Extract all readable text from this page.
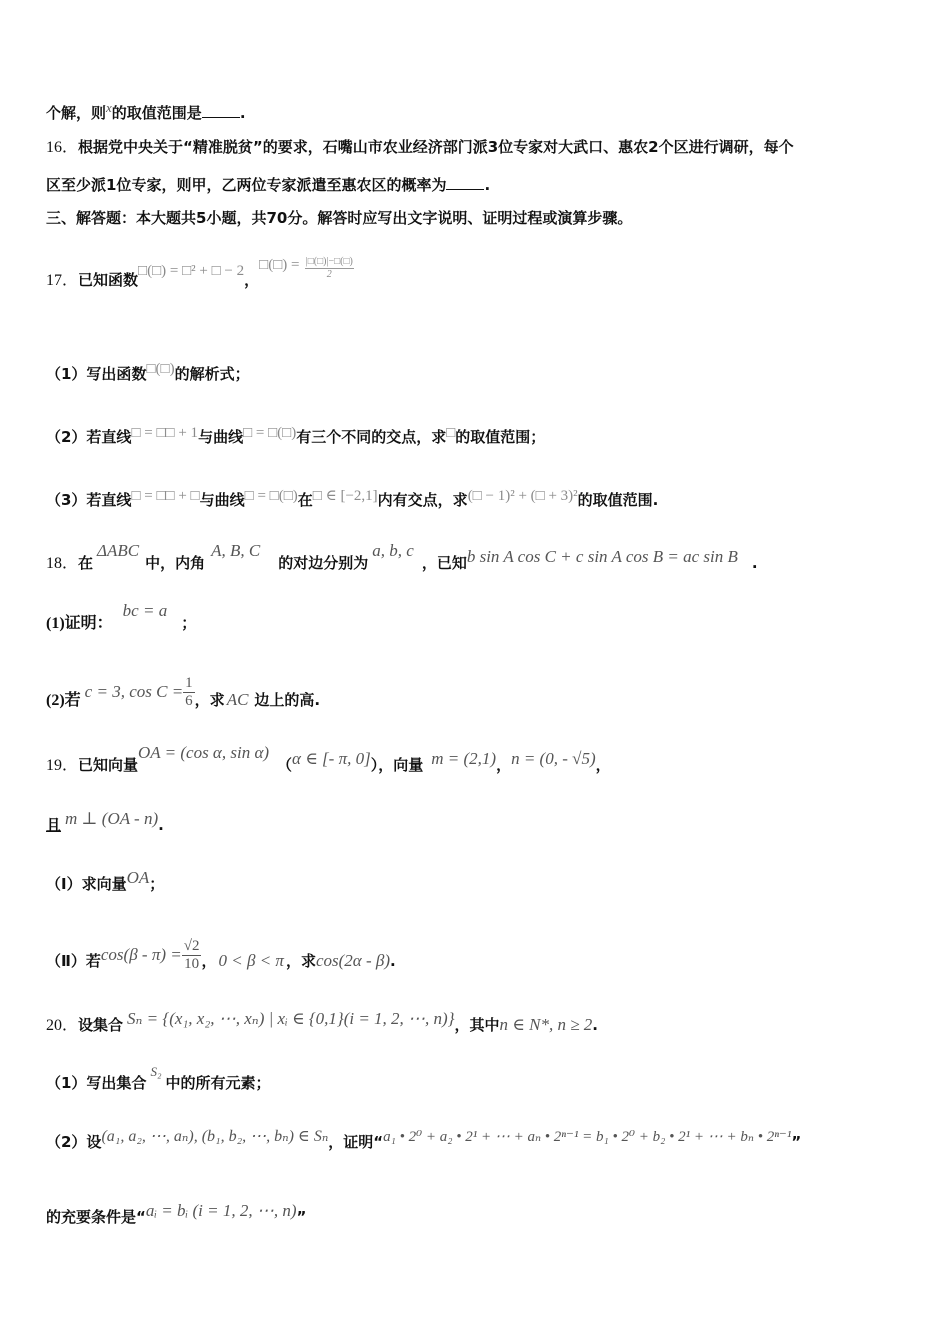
个解，则x的取值范围是	.
16．根据党中央关于“精准脱贫”的要求，石嘴山市农业经济部门派3位专家对大武口、惠农2个区进行调研，每个
区至少派1位专家，则甲，乙两位专家派遣至惠农区的概率为	.
三、解答题：本大题共5小题，共70分。解答时应写出文字说明、证明过程或演算步骤。
17．已知函数□(□) = □² + □ − 2，□(□) = |□(□)|−□(□)
2
（1）写出函数□(□)的解析式；
（2）若直线□ = □□ + 1与曲线□ = □(□)有三个不同的交点，求□的取值范围；
（3）若直线□ = □□ + □与曲线□ = □(□)在□ ∈ [−2,1]内有交点，求(□ − 1)² + (□ + 3)²的取值范围.
18．在ΔABC中，内角A, B, C的对边分别为a, b, c，已知b sin A cos C + c sin A cos B = ac sin B .
(1)证明：bc = a；
(2)若 c = 3, $\cos C = \frac{1}{6}$ ，求 AC 边上的高.
19．已知向量OA = (cos α, sin α)（α ∈ [- π, 0]），向量 m = (2,1)，n = (0, - √5)，
且 m ⊥ (OA - n).
（Ⅰ）求向量OA；
（Ⅱ）若$\cos(\beta - \pi) = \frac{√2}{10}$ ， 0 < β < π ，求cos(2α - β).
20．设集合 Sₙ = {(x₁, x₂, ⋯, xₙ) | xᵢ ∈ {0,1}(i = 1, 2, ⋯, n)}，其中n ∈ N*, n ≥ 2.
（1）写出集合S₂中的所有元素；
（2）设(a₁, a₂, ⋯, aₙ), (b₁, b₂, ⋯, bₙ) ∈ Sₙ，证明“a₁ • 2⁰ + a₂ • 2¹ + ⋯ + aₙ • 2ⁿ⁻¹ = b₁ • 2⁰ + b₂ • 2¹ + ⋯ + bₙ • 2ⁿ⁻¹”
的充要条件是“aᵢ = bᵢ (i = 1, 2, ⋯, n)”
